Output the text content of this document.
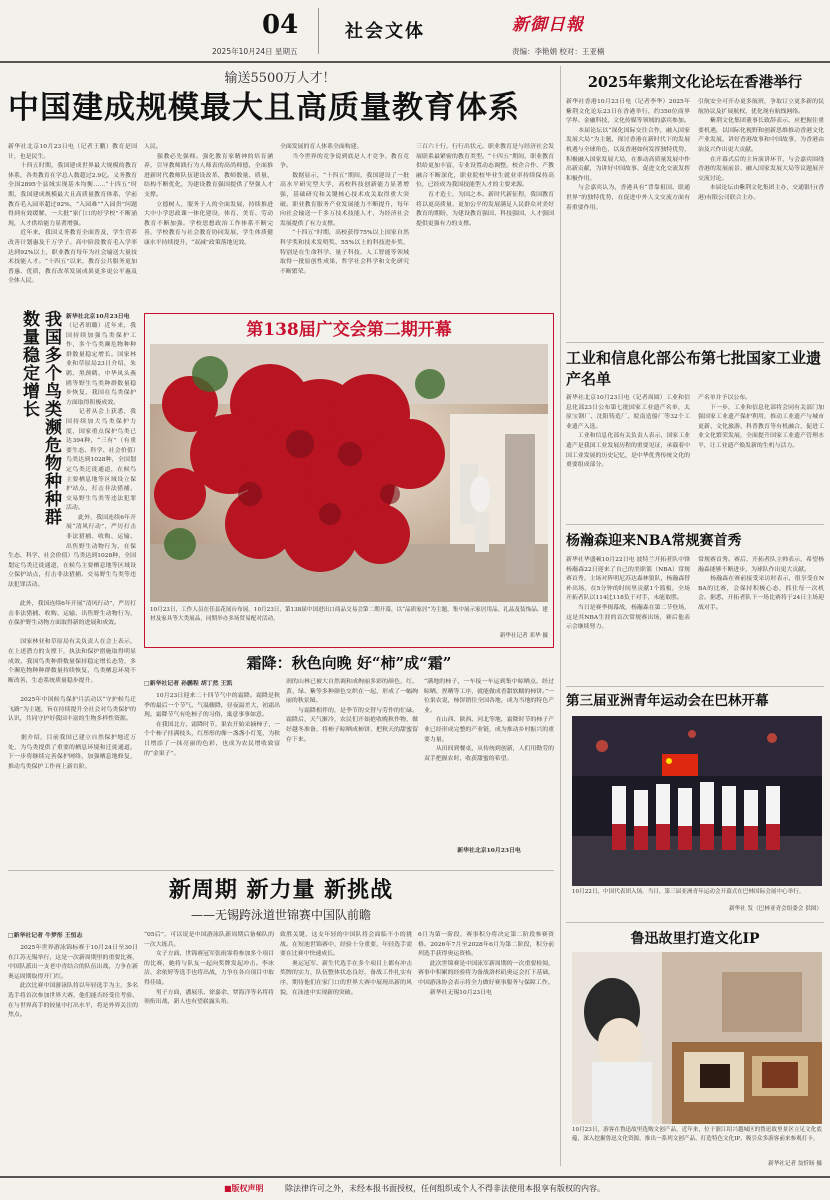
04
2025年10月24日 星期五
社会文体	新御日報
责编：李艳娟 校对：王亚楠
输送5500万人才！
中国建成规模最大且高质量教育体系
新华社北京10月23日电（记者王鹏）教育是国计，也是民生。
　　十四五时期，我国建成世界最大规模的教育体系，各类教育在学总人数超过2.9亿。义务教育全国2895个县域实现基本均衡……“十四五”时期，我国建成规模最大且高质量教育体系，学前教育毛入园率超过92%，“入园难”“入园贵”问题得到有效缓解，一大批“家门口的好学校”不断涌现，人才供给能力显著增强。
　　近年来，我国义务教育全面普及，学生营养改善计划惠及千万学子。高中阶段教育毛入学率达到92%以上，职业教育每年为社会输送大量技术技能人才。“十四五”以来，教育公共服务更加普惠、优质，教育改革发展成果更多更公平惠及全体人民。
人民。
　　强教必先强师。强化教育家精神的培育涵养，引导教师践行为人师表的高尚师德，全面推进新时代教师队伍建设改革，教师数量、质量、结构不断优化，为建设教育强国提供了坚强人才支撑。
　　立德树人，服务于人的全面发展，持续推进大中小学思政课一体化建设，体育、美育、劳动教育不断加强。学校思想政治工作体系不断完善，学校教育与社会教育协同发展，学生体质健康水平持续提升，“双减”政策落地见效。
全面发展的育人体系全面构建。
　　当今世界的竞争说到底是人才竞争、教育竞争。
　　数据显示，“十四五”期间，我国建设了一批高水平研究型大学，高校科技创新能力显著增强，基础研究和关键核心技术攻关取得重大突破。职业教育服务产业发展能力不断提升，每年向社会输送一千多万技术技能人才，为经济社会发展提供了有力支撑。
　　“十四五”时期，高校获得75%以上国家自然科学奖和技术发明奖、55%以上的科技进步奖，特别是在生命科学、量子科技、人工智能等领域取得一批原创性成果，哲学社会科学和文化研究不断繁荣。
三百六十行，行行出状元。职业教育是与经济社会发展联系最紧密的教育类型。“十四五”期间，职业教育供给更加丰富，专业设置动态调整，校企合作、产教融合不断深化，职业院校毕业生就业率持续保持高位，已经成为我国技能型人才的主要来源。
　　育才造士，为国之本。新时代新征程，我国教育将以更高质量、更加公平的发展满足人民群众对美好教育的期盼，为建设教育强国、科技强国、人才强国提供更强有力的支撑。
我国多个鸟类濒危物种种群数量稳定增长	新华社北京10月23日电
（记者胡璐）近年来，我国持续加强鸟类保护工作，多个鸟类濒危物种种群数量稳定增长。国家林业和草原局23日介绍，朱鹮、黑颈鹤、中华凤头燕鸥等野生鸟类种群数量稳步恢复，我国在鸟类保护方面取得积极成效。
　　记者从会上获悉，我国持续加大鸟类保护力度，国家重点保护鸟类已达394种，“三有”（有重要生态、科学、社会价值）鸟类达到1028种，全国划定鸟类迁徙通道，在候鸟主要栖息地等区域设立保护站点，打击非法猎捕、交易野生鸟类等违法犯罪活动。
　　此外，我国连续6年开展“清风行动”，严厉打击非法猎捕、收购、运输、出售野生动物行为，在保

生态、科学、社会价值）鸟类达到1028种，全国划定鸟类迁徙通道，在候鸟主要栖息地等区域设立保护站点，打击非法猎捕、交易野生鸟类等违法犯罪活动。

　　此外，我国连续6年开展“清风行动”，严厉打击非法猎捕、收购、运输、出售野生动物行为，在保护野生动物方面取得新的进展和成效。

　　国家林业和草原局有关负责人在会上表示，在上述潜力的支撑下，执法和保护措施取得明显成效，我国鸟类种群数量保持稳定增长态势，多个濒危物种种群数量持续恢复，鸟类栖息环境不断改善，生态系统质量稳步提升。

　　2025年中国候鸟保护月活动以“守护候鸟迁飞路”为主题，旨在持续提升全社会对鸟类保护的认识，共同守护好我国丰富的生物多样性资源。

　　据介绍，目前我国已建立自然保护地近万处，为鸟类提供了重要的栖息环境和迁徙通道。下一步将继续完善保护网络，加强栖息地修复，推动鸟类保护工作再上新台阶。
第138届广交会第二期开幕
10月23日，工作人员在佳县花展台布展。10月23日，第138届中国进出口商品交易会第二期开幕，以“品质家居”为主题，集中展示家居用品、礼品及装饰品、建材及家具等大类展品，同期举办多场贸易配对活动。
新华社记者 邓华 摄
霜降：秋色向晚 好“柿”成“霜”
□新华社记者 孙鹏程 胡丁然 王凯
　　10月23日迎来二十四节气中的霜降。霜降是秋季的最后一个节气，气温骤降，昼夜温差大，初霜出现。霜降节气有吃柿子的习俗，寓意事事如意。
　　在我国北方，霜降时节，果农开始采摘柿子，一个个柿子挂满枝头，红彤彤的像一盏盏小灯笼，为秋日增添了一抹亮丽的色彩，也成为农民增收致富的“金果子”。
润的山林已被大自然调和成绚丽多彩的颜色，红、黄、绿、紫等多种颜色交织在一起，形成了一幅绚丽的秋景图。
　　与霜降相伴的，是季节的交替与劳作的忙碌。霜降后，天气渐冷，农民们开始抢收晚秋作物，做好越冬准备，将柿子晾晒成柿饼，把秋天的甜蜜留存下来。
“满地的柿子，一车接一车运到集中晾晒点，经过晾晒、捏晒等工序，就能做成香甜软糯的柿饼。”一位果农说，柿饼销往全国各地，成为当地的特色产业。
　　在山西、陕西、河北等地，霜降时节的柿子产业已经形成完整的产业链，成为推动乡村振兴的重要力量。
　　从田间到餐桌，从传统到创新，人们用勤劳的双手把握农时，收获甜蜜的希望。
新华社北京10月23日电
新周期 新力量 新挑战
——无锡跨泳道世锦赛中国队前瞻
□新华社记者 牛梦彤 王恒志
　　2025年世界游泳锦标赛于10月24日至30日在江苏无锡举行，这是一次新周期里的重要比赛，中国队派出一支老中青结合的队伍出战，力争在新奥运周期取得开门红。
　　此次比赛中国游泳队将以年轻选手为主，多名选手将首次参加世界大赛，他们能否经受住考验、在与世界高手的较量中打出水平，将是外界关注的焦点。
“05后”，可以说是中国游泳队新周期后备梯队的一次大练兵。
　　女子方面，世锦赛冠军张雨霏将参加多个项目的比赛，她将与队友一起向奖牌发起冲击。李冰洁、余依婷等选手也将出战，力争在各自项目中取得佳绩。
　　男子方面，潘展乐、徐嘉余、覃海洋等名将将领衔出战，新人也有望崭露头角。
致胜关键，这支年轻的中国队将会面临不小的挑战。在短池世锦赛中，经验十分重要，年轻选手需要在比赛中快速成长。
　　奥运冠军、新生代选手在多个项目上都有冲击奖牌的实力，队伍整体状态良好，备战工作扎实有序，期待他们在家门口的世界大赛中展现出新的风貌，在泳池中实现新的突破。
6月为第一阶段，赛事积分将决定第二阶段参赛资格。2026年7月至2028年6月为第二阶段，积分前列选手获得奥运资格。
　　此次世锦赛是中国泳军新周期的一次重要检阅，赛事中积累的经验将为备战洛杉矶奥运会打下基础，中国游泳协会表示将全力做好赛事服务与保障工作。
　　新华社无锡10月23日电
2025年紫荆文化论坛在香港举行
新华社香港10月23日电（记者李华）2025年紫荆文化论坛23日在香港举行，约350位商界学界、金融科技、文化传媒等领域的嘉宾参加。
　　本届论坛以“深化国际交往合作，融入国家发展大局”为主题，探讨香港在新时代下的发展机遇与全球角色，以及香港如何发挥独特优势，积极融入国家发展大局，在推动高质量发展中作出新贡献，为讲好中国故事、促进文化交流发挥积极作用。
　　与会嘉宾认为，香港具有“背靠祖国、联通世界”的独特优势，在促进中外人文交流方面有着重要作用。
引航安全可开办更多航班，争取订立更多新的民航协议及扩展航权，优化现有航线网络。
　　紫荆文化集团董事长致辞表示，应把握住重要机遇，以国际化视野和创新思维推动香港文化产业发展，讲好香港故事和中国故事，为香港由治及兴作出更大贡献。
　　在开幕式后的主旨演讲环节，与会嘉宾围绕香港的发展前景、融入国家发展大局等议题展开交流讨论。
　　本届论坛由紫荆文化集团主办，交通银行(香港)有限公司联合主办。
工业和信息化部公布第七批国家工业遗产名单
新华社北京10月23日电（记者周圆）工业和信息化部23日公布第七批国家工业遗产名单，太原宝钢厂、沈阳铸造厂、皖南造船厂等32个工业遗产入选。
　　工业和信息化部有关负责人表示，国家工业遗产是我国工业发展历程的重要见证，承载着中国工业发展的历史记忆，是中华优秀传统文化的重要组成部分。
产名单并予以公布。
　　下一步，工业和信息化部将会同有关部门加强国家工业遗产保护利用，推动工业遗产与城市更新、文化旅游、科普教育等有机融合，促进工业文化繁荣发展，全面提升国家工业遗产管理水平，让工业遗产焕发新的生机与活力。
杨瀚森迎来NBA常规赛首秀
新华社华盛顿10月22日电 波特兰开拓者队中锋杨瀚森22日迎来了自己的美职篮（NBA）常规赛首秀。主场对阵明尼苏达森林狼队，杨瀚森替补出场，在5分钟的时间里贡献1个篮板，全场开拓者队以114比118负于对手，未能取胜。
　　当日是赛季揭幕战，杨瀚森在第二节登场，这是其NBA生涯的首次常规赛出场，赛后他表示会继续努力。
常规赛首秀。赛后，开拓者队主帅表示，希望杨瀚森能够不断进步，为球队作出更大贡献。
　　杨瀚森在赛前接受采访时表示，很享受在NBA的比赛，会保持积极心态，抓住每一次机会。据悉，开拓者队下一场比赛将于24日主场迎战对手。
第三届亚洲青年运动会在巴林开幕
10月22日，中国代表团入场。当日，第三届亚洲青年运动会开幕式在巴林国际会展中心举行。
新华社 发（巴林亚青会组委会 供图）
鲁迅故里打造文化IP
10月23日，游客在鲁迅故里选购文创产品。近年来，位于浙江绍兴越城区的鲁迅故里景区立足文化底蕴，深入挖掘鲁迅文化资源，推出一系列文创产品，打造特色文化IP，吸引众多游客前来参观打卡。
新华社记者 翁忻旸 摄
■版权声明	除法律许可之外，未经本报书面授权，任何组织或个人不得非法使用本报享有版权的内容。
